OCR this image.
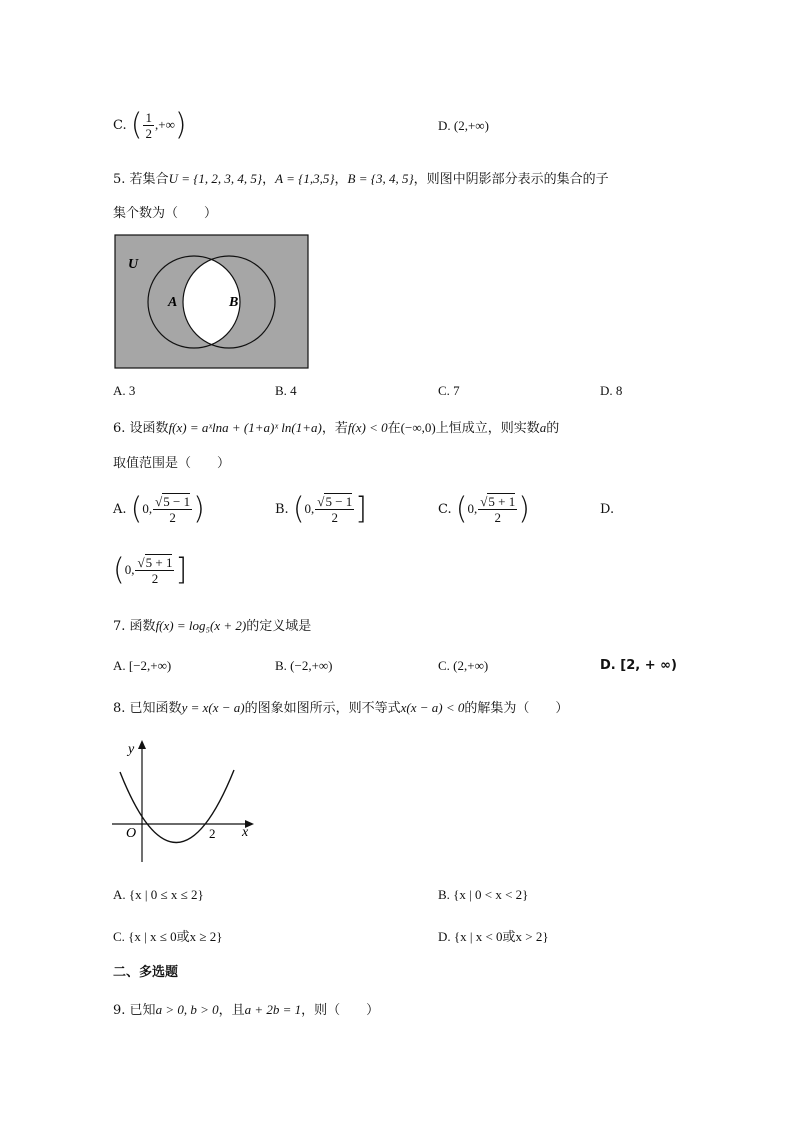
C. ( $\frac{1}{2}$ ,+∞)	D. (2,+∞)
5. 若集合U = {1, 2, 3, 4, 5}，A = {1,3,5}，B = {3, 4, 5}，则图中阴影部分表示的集合的子
集个数为（　　）
U
A	B
A. 3	B. 4	C. 7	D. 8
6. 设函数f(x) = aˣlna + (1+a)ˣ ln(1+a)，若f(x) < 0在(−∞,0)上恒成立，则实数a的
取值范围是（　　）
A. (0, $\frac{√5 - 1}{2}$ )	B. (0, $\frac{√5 - 1}{2}$ ]	C. (0, $\frac{√5 + 1}{2}$ )	D.
(0, $\frac{√5 + 1}{2}$ ]
7. 函数f(x) = log₅(x + 2)的定义域是
A. [−2,+∞)	B. (−2,+∞)	C. (2,+∞)	D. [2, + ∞)
8. 已知函数y = x(x − a)的图象如图所示，则不等式x(x − a) < 0的解集为（　　）
y
x
O	2
A. {x | 0 ≤ x ≤ 2}	B. {x | 0 < x < 2}
C. {x | x ≤ 0或x ≥ 2}	D. {x | x < 0或x > 2}
二、多选题
9. 已知a > 0, b > 0，且a + 2b = 1，则（　　）
